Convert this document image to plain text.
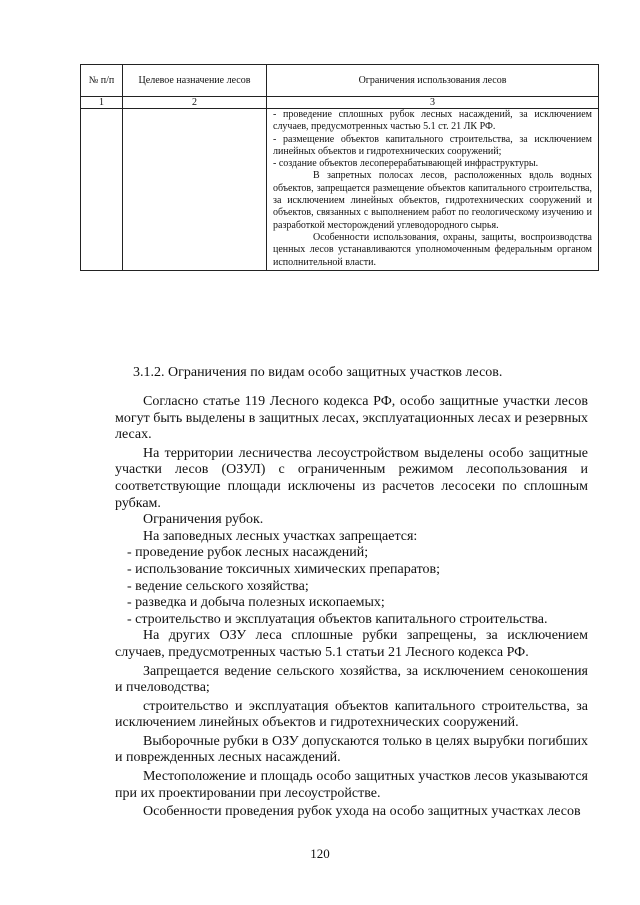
№ п/п	Целевое назначение лесов	Ограничения использования лесов
1	2	3

		- проведение сплошных рубок лесных насаждений, за исключением случаев, предусмотренных частью 5.1 ст. 21 ЛК РФ.

- размещение объектов капитального строительства, за исключением линейных объектов и гидротехнических сооружений;

- создание объектов лесоперерабатывающей инфраструктуры.

В запретных полосах лесов, расположенных вдоль водных объектов, запрещается размещение объектов капитального строительства, за исключением линейных объектов, гидротехнических сооружений и объектов, связанных с выполнением работ по геологическому изучению и разработкой месторождений углеводородного сырья.

Особенности использования, охраны, защиты, воспроизводства ценных лесов устанавливаются уполномоченным федеральным органом исполнительной власти.

3.1.2. Ограничения по видам особо защитных участков лесов.

Согласно статье 119 Лесного кодекса РФ, особо защитные участки лесов могут быть выделены в защитных лесах, эксплуатационных лесах и резервных лесах.

На территории лесничества лесоустройством выделены особо защитные участки лесов (ОЗУЛ) с ограниченным режимом лесопользования и соответствующие площади исключены из расчетов лесосеки по сплошным рубкам.

Ограничения рубок.

На заповедных лесных участках запрещается:

- проведение рубок лесных насаждений;

- использование токсичных химических препаратов;

- ведение сельского хозяйства;

- разведка и добыча полезных ископаемых;

- строительство и эксплуатация объектов капитального строительства.

На других ОЗУ леса сплошные рубки запрещены, за исключением случаев, предусмотренных частью 5.1 статьи 21 Лесного кодекса РФ.

Запрещается ведение сельского хозяйства, за исключением сенокошения и пчеловодства;

строительство и эксплуатация объектов капитального строительства, за исключением линейных объектов и гидротехнических сооружений.

Выборочные рубки в ОЗУ допускаются только в целях вырубки погибших и поврежденных лесных насаждений.

Местоположение и площадь особо защитных участков лесов указываются при их проектировании при лесоустройстве.

Особенности проведения рубок ухода на особо защитных участках лесов

120
